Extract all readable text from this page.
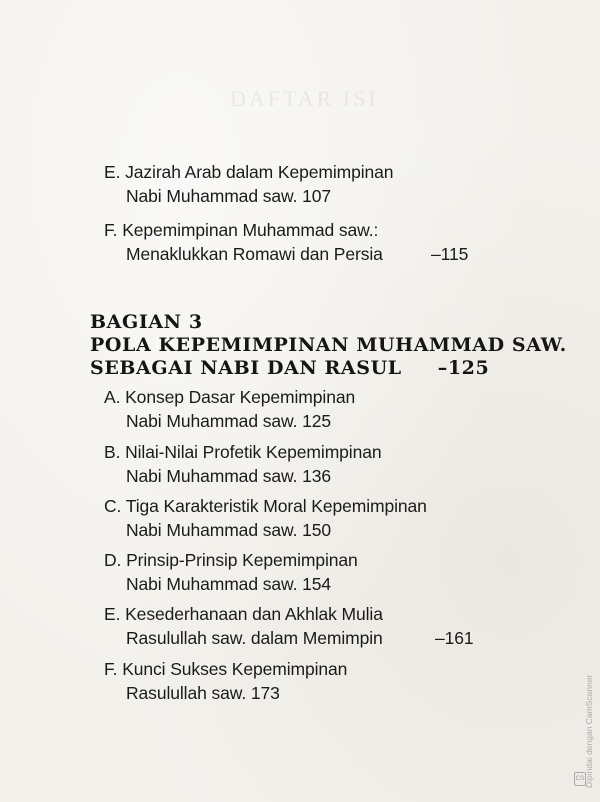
DAFTAR ISI
E. Jazirah Arab dalam Kepemimpinan
Nabi Muhammad saw. 107
F. Kepemimpinan Muhammad saw.:
Menaklukkan Romawi dan Persia	–115
BAGIAN 3
POLA KEPEMIMPINAN MUHAMMAD SAW.
SEBAGAI NABI DAN RASUL –125
A. Konsep Dasar Kepemimpinan
Nabi Muhammad saw. 125
B. Nilai-Nilai Profetik Kepemimpinan
Nabi Muhammad saw. 136
C. Tiga Karakteristik Moral Kepemimpinan
Nabi Muhammad saw. 150
D. Prinsip-Prinsip Kepemimpinan
Nabi Muhammad saw. 154
E. Kesederhanaan dan Akhlak Mulia
Rasulullah saw. dalam Memimpin	–161
F. Kunci Sukses Kepemimpinan
Rasulullah saw. 173
CS Dipindai dengan CamScanner
